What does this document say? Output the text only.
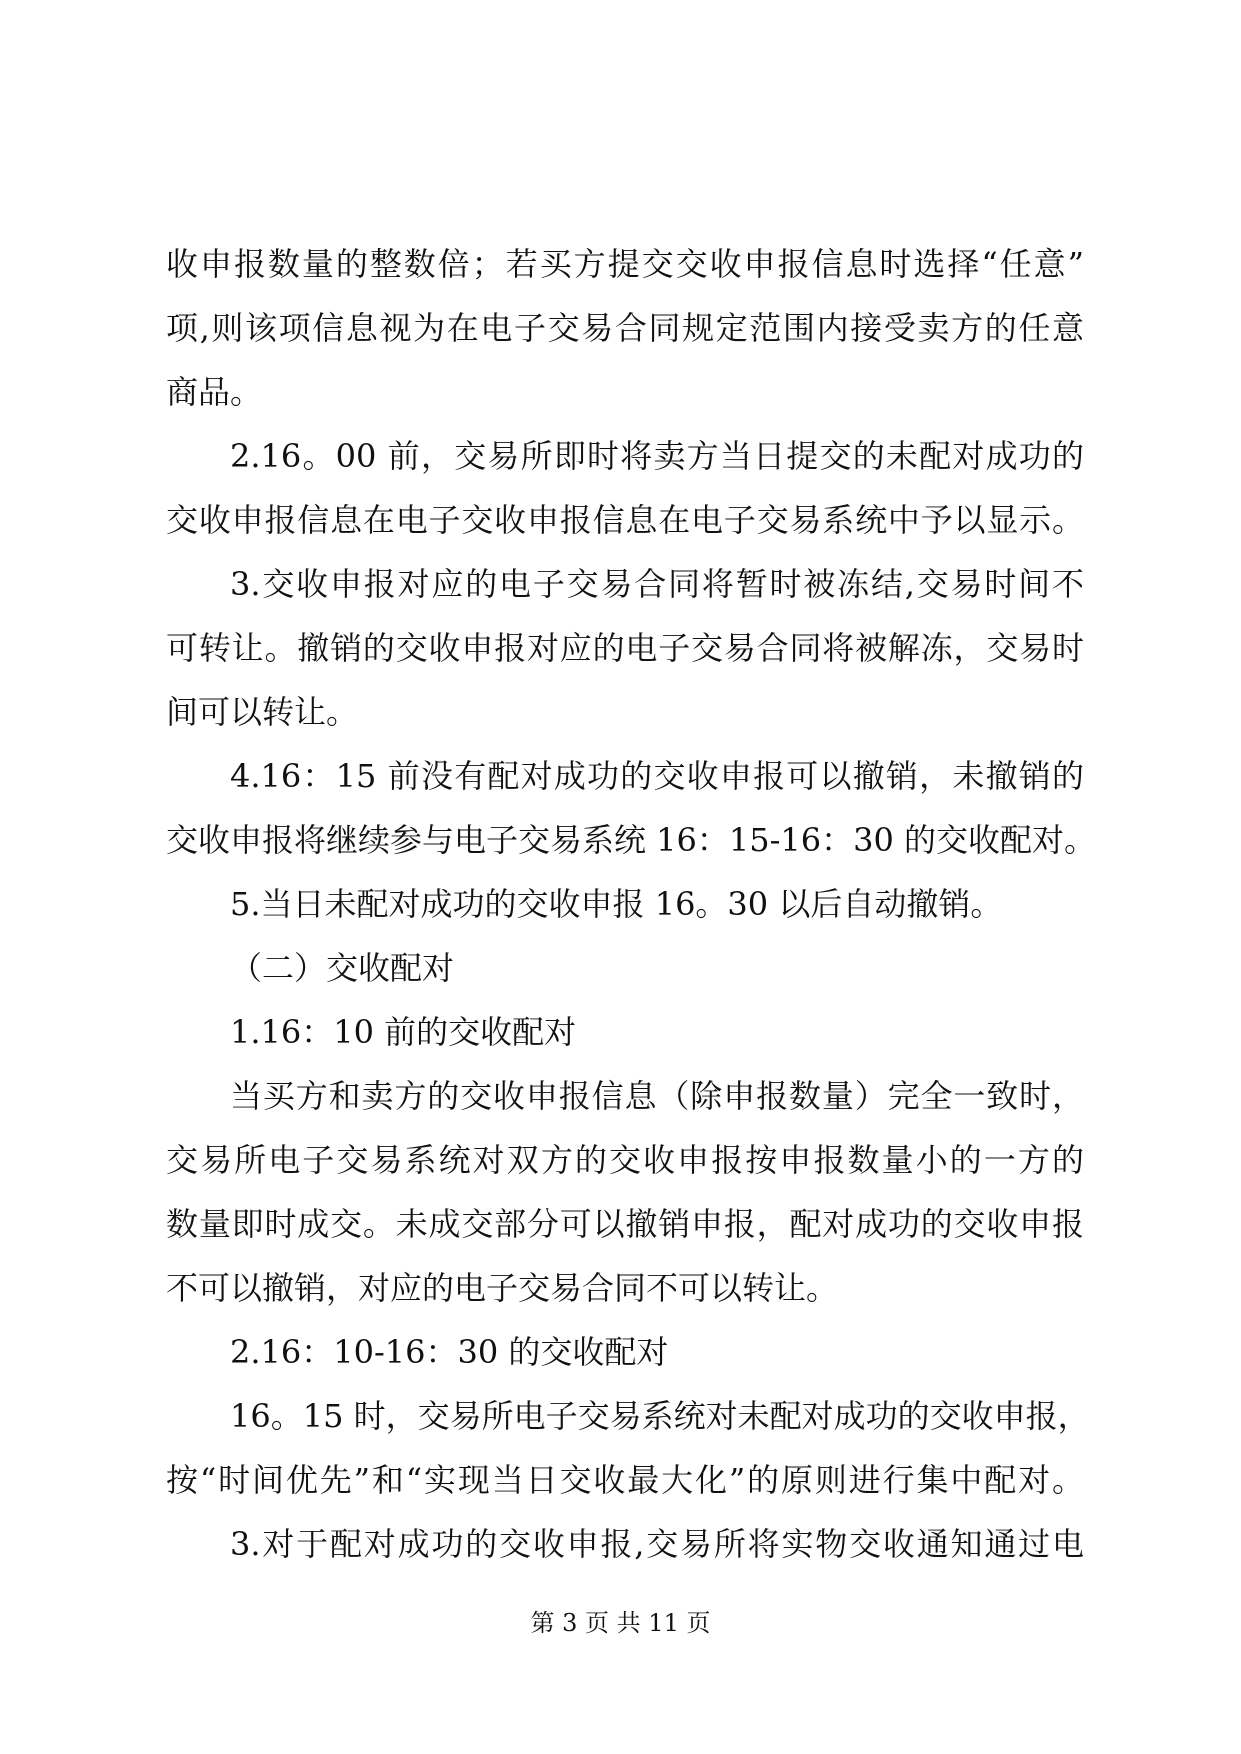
收申报数量的整数倍；若买方提交交收申报信息时选择“任意”
项,则该项信息视为在电子交易合同规定范围内接受卖方的任意
商品。
2.16。00 前，交易所即时将卖方当日提交的未配对成功的
交收申报信息在电子交收申报信息在电子交易系统中予以显示。
3.交收申报对应的电子交易合同将暂时被冻结,交易时间不
可转让。撤销的交收申报对应的电子交易合同将被解冻，交易时
间可以转让。
4.16：15 前没有配对成功的交收申报可以撤销，未撤销的
交收申报将继续参与电子交易系统 16：15-16：30 的交收配对。
5.当日未配对成功的交收申报 16。30 以后自动撤销。
（二）交收配对
1.16：10 前的交收配对
当买方和卖方的交收申报信息（除申报数量）完全一致时，
交易所电子交易系统对双方的交收申报按申报数量小的一方的
数量即时成交。未成交部分可以撤销申报，配对成功的交收申报
不可以撤销，对应的电子交易合同不可以转让。
2.16：10-16：30 的交收配对
16。15 时，交易所电子交易系统对未配对成功的交收申报，
按“时间优先”和“实现当日交收最大化”的原则进行集中配对。
3.对于配对成功的交收申报,交易所将实物交收通知通过电
第 3 页 共 11 页
